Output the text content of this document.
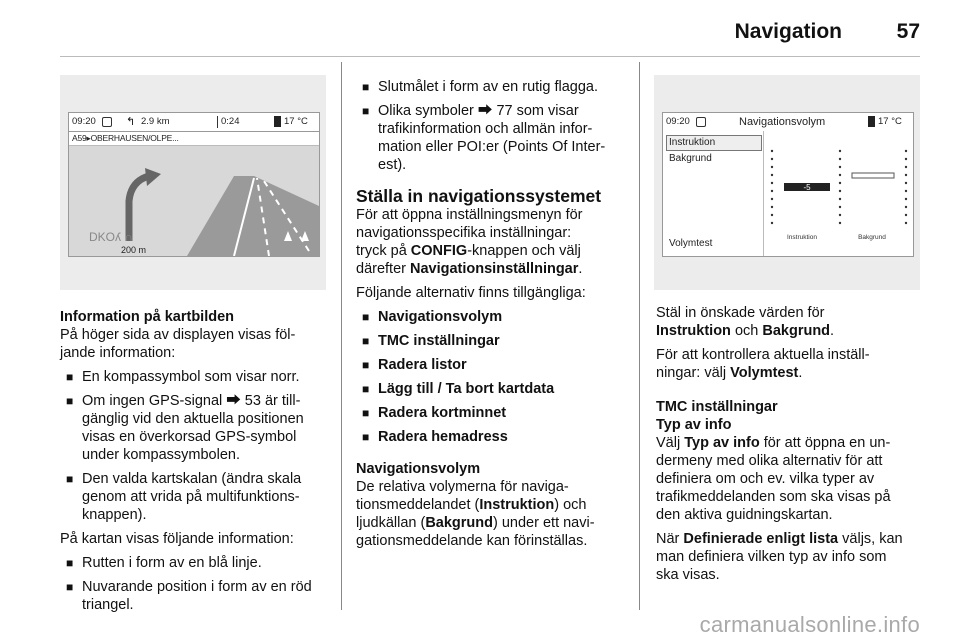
Navigation	57
09:20	↰ 2.9 km	0:24	17 °C
A59▸OBERHAUSEN/OLPE...
DKOʎ ∩
200 m

Information på kartbilden

På höger sida av displayen visas föl-

jande information:

■ En kompassymbol som visar norr.
■ Om ingen GPS-signal ⮕ 53 är till-
gänglig vid den aktuella positionen
visas en överkorsad GPS-symbol
under kompassymbolen.
■ Den valda kartskalan (ändra skala
genom att vrida på multifunktions-
knappen).

På kartan visas följande information:

■ Rutten i form av en blå linje.
■ Nuvarande position i form av en röd
triangel.
■ Slutmålet i form av en rutig flagga.
■ Olika symboler ⮕ 77 som visar
trafikinformation och allmän infor-
mation eller POI:er (Points Of Inter-
est).

Ställa in navigationssystemet

För att öppna inställningsmenyn för

navigationsspecifika inställningar:

tryck på CONFIG-knappen och välj

därefter Navigationsinställningar.

Följande alternativ finns tillgängliga:

■ Navigationsvolym
■ TMC inställningar
■ Radera listor
■ Lägg till / Ta bort kartdata
■ Radera kortminnet
■ Radera hemadress

Navigationsvolym

De relativa volymerna för naviga-

tionsmeddelandet (Instruktion) och

ljudkällan (Bakgrund) under ett navi-

gationsmeddelande kan förinställas.

09:20	Navigationsvolym	17 °C
Instruktion
Bakgrund
Volymtest
-5
Instruktion	Bakgrund

Stäl in önskade värden för

Instruktion och Bakgrund.

För att kontrollera aktuella inställ-

ningar: välj Volymtest.

TMC inställningar

Typ av info

Välj Typ av info för att öppna en un-

dermeny med olika alternativ för att

definiera om och ev. vilka typer av

trafikmeddelanden som ska visas på

den aktiva guidningskartan.

När Definierade enligt lista väljs, kan

man definiera vilken typ av info som

ska visas.

carmanualsonline.info
